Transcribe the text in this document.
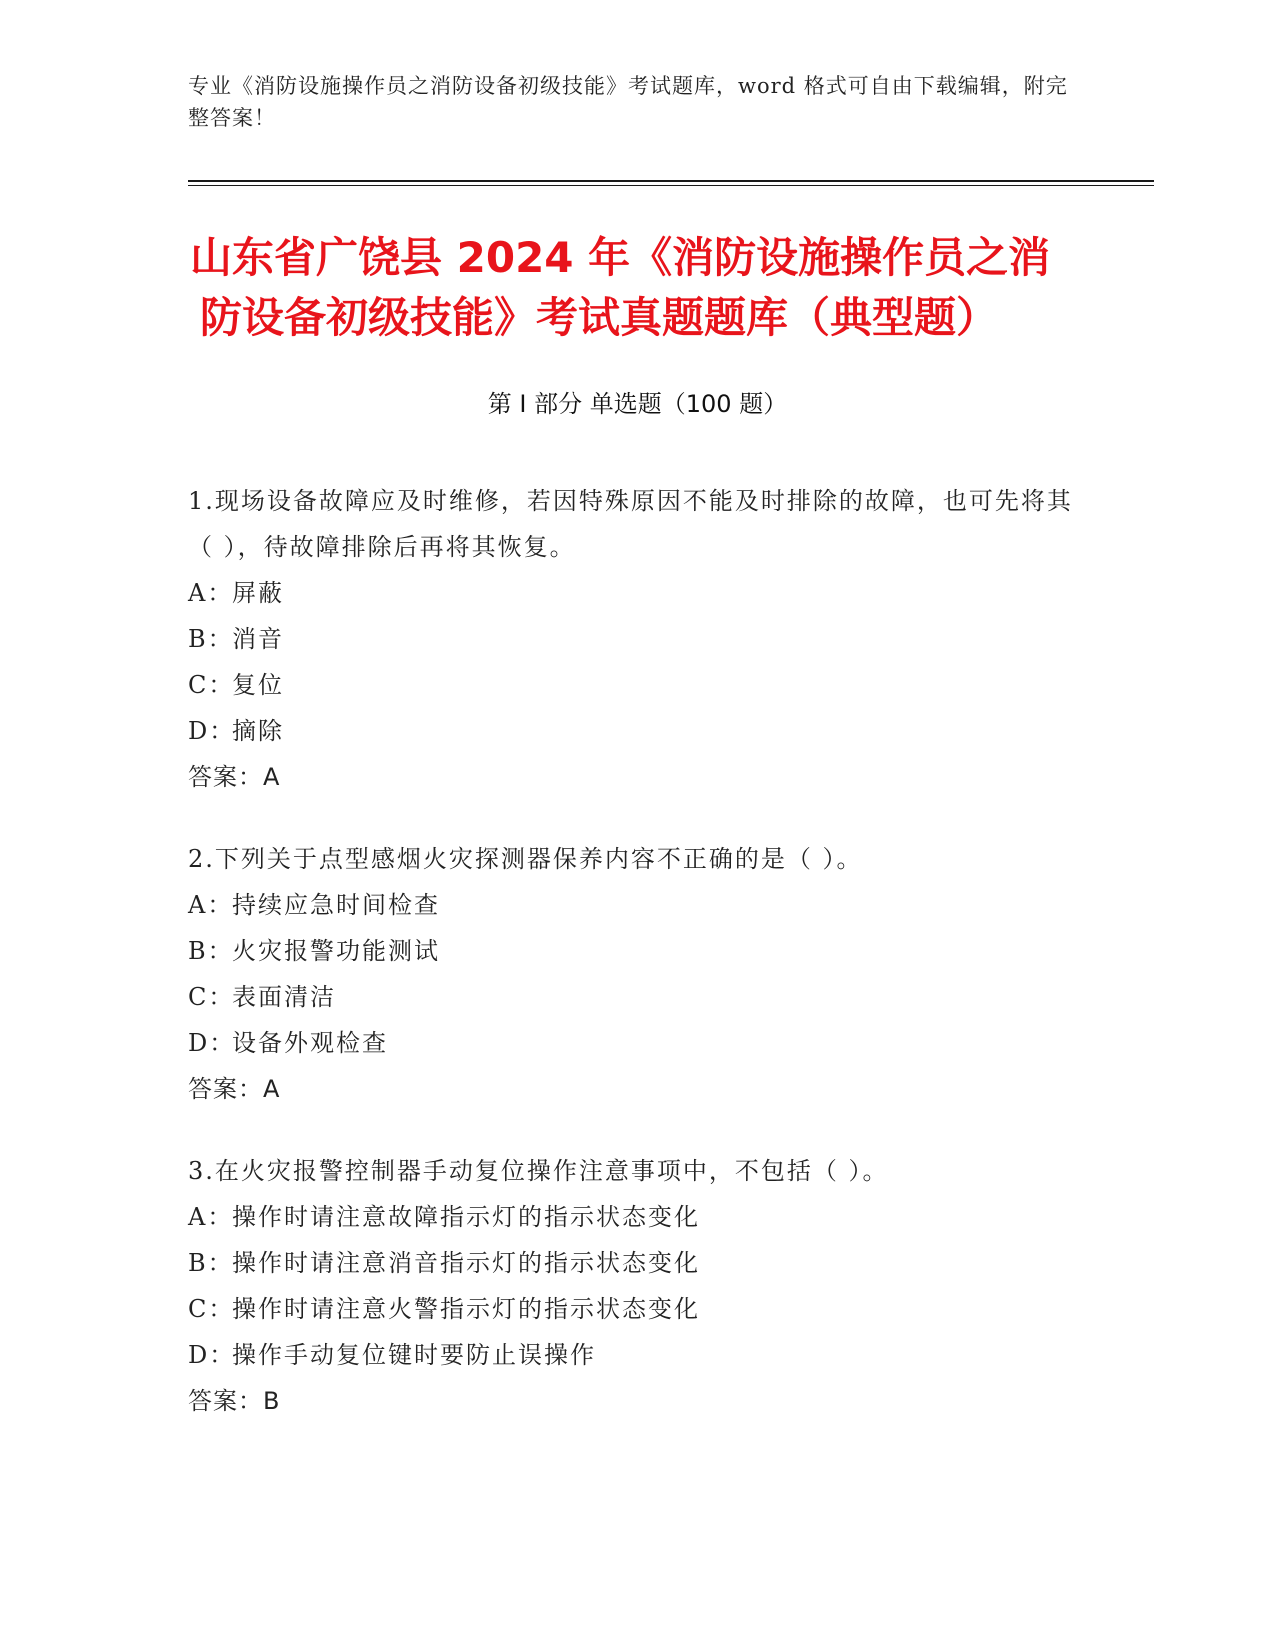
专业《消防设施操作员之消防设备初级技能》考试题库，word 格式可自由下载编辑，附完整答案！
山东省广饶县 2024 年《消防设施操作员之消
防设备初级技能》考试真题题库（典型题）
第 I 部分 单选题（100 题）
1.现场设备故障应及时维修，若因特殊原因不能及时排除的故障，也可先将其（ ），待故障排除后再将其恢复。
A：屏蔽
B：消音
C：复位
D：摘除
答案：A
2.下列关于点型感烟火灾探测器保养内容不正确的是（ ）。
A：持续应急时间检查
B：火灾报警功能测试
C：表面清洁
D：设备外观检查
答案：A
3.在火灾报警控制器手动复位操作注意事项中，不包括（ ）。
A：操作时请注意故障指示灯的指示状态变化
B：操作时请注意消音指示灯的指示状态变化
C：操作时请注意火警指示灯的指示状态变化
D：操作手动复位键时要防止误操作
答案：B
